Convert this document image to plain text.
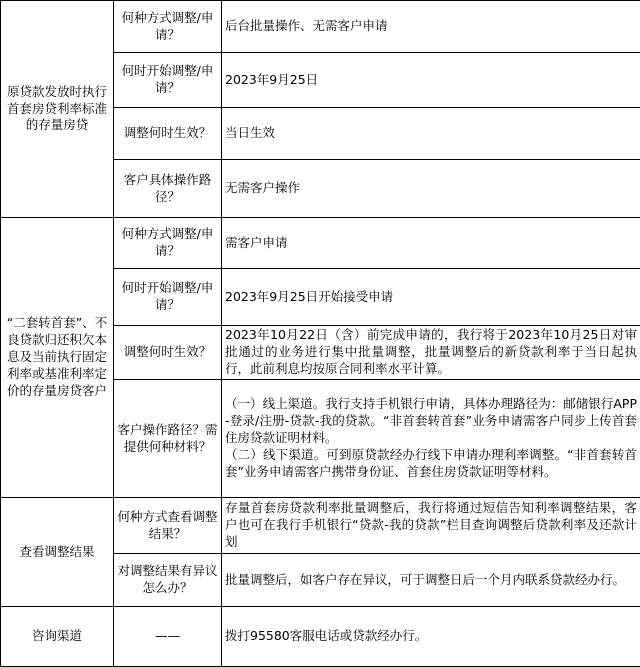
原贷款发放时执行首套房贷利率标准的存量房贷	何种方式调整/申请？	后台批量操作、无需客户申请
	何时开始调整/申请？	2023年9月25日
	调整何时生效？	当日生效
	客户具体操作路径？	无需客户操作
“二套转首套”、不良贷款归还积欠本息及当前执行固定利率或基准利率定价的存量房贷客户	何种方式调整/申请？	需客户申请
	何时开始调整/申请？	2023年9月25日开始接受申请
	调整何时生效？	2023年10月22日（含）前完成申请的，我行将于2023年10月25日对审批通过的业务进行集中批量调整，批量调整后的新贷款利率于当日起执行，此前利息均按原合同利率水平计算。
	客户操作路径？需提供何种材料？	（一）线上渠道。我行支持手机银行申请，具体办理路径为：邮储银行APP-登录/注册-贷款-我的贷款。“非首套转首套”业务申请需客户同步上传首套住房贷款证明材料。
（二）线下渠道。可到原贷款经办行线下申请办理利率调整。“非首套转首套”业务申请需客户携带身份证、首套住房贷款证明等材料。
查看调整结果	何种方式查看调整结果？	存量首套房贷款利率批量调整后，我行将通过短信告知利率调整结果，客户也可在我行手机银行“贷款-我的贷款”栏目查询调整后贷款利率及还款计划
	对调整结果有异议怎么办？	批量调整后，如客户存在异议，可于调整日后一个月内联系贷款经办行。
咨询渠道	——	拨打95580客服电话或贷款经办行。
